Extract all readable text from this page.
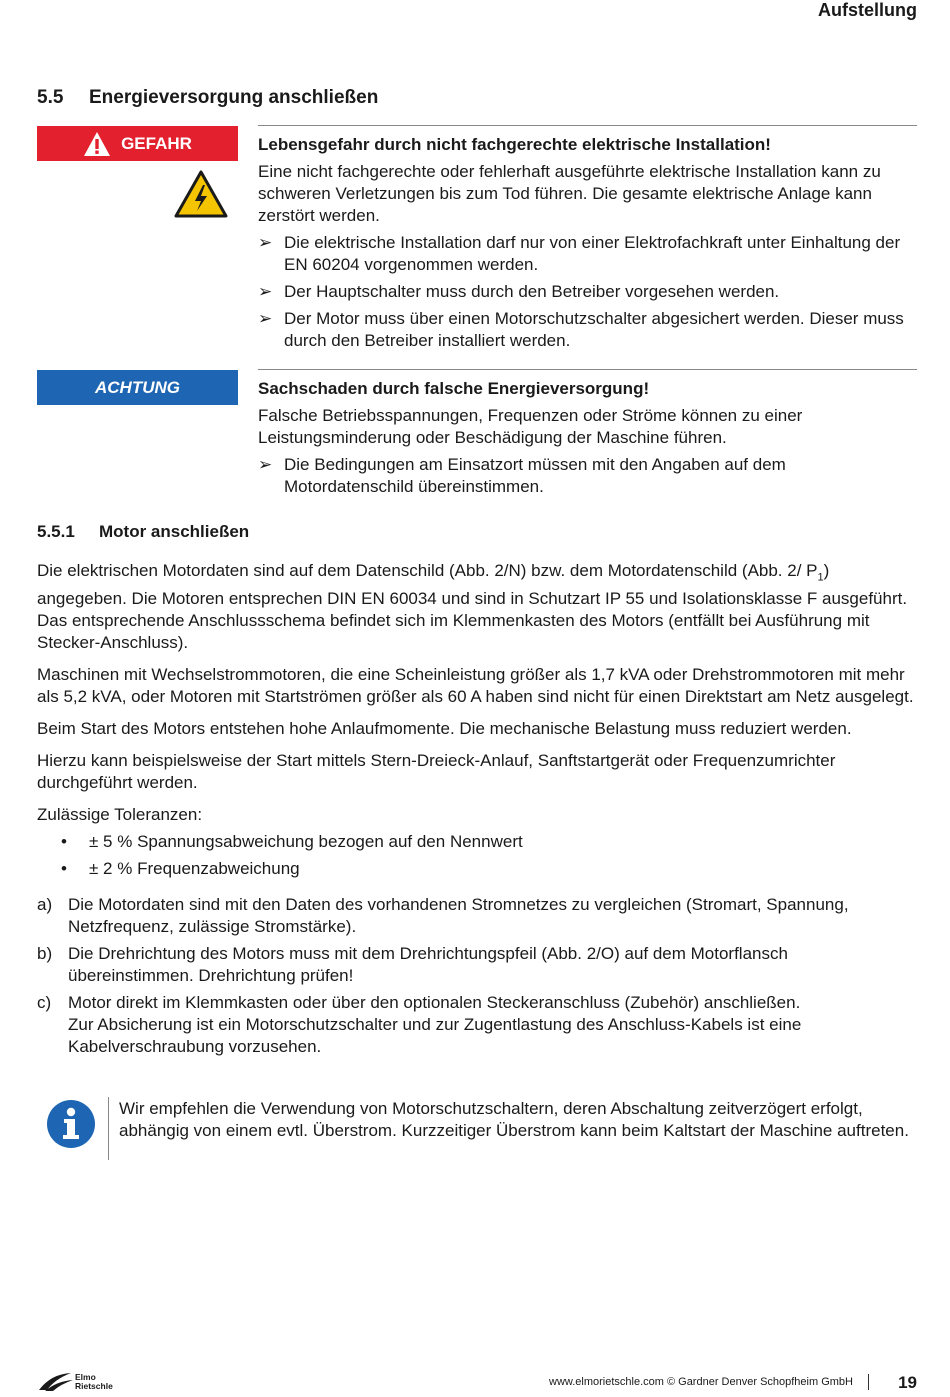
Aufstellung
5.5 Energieversorgung anschließen
GEFAHR	Lebensgefahr durch nicht fachgerechte elektrische Installation!
Eine nicht fachgerechte oder fehlerhaft ausgeführte elektrische Installation kann zu schweren Verletzungen bis zum Tod führen. Die gesamte elektrische Anlage kann zerstört werden.
➢ Die elektrische Installation darf nur von einer Elektrofachkraft unter Einhaltung der EN 60204 vorgenommen werden.
➢ Der Hauptschalter muss durch den Betreiber vorgesehen werden.
➢ Der Motor muss über einen Motorschutzschalter abgesichert werden. Dieser muss durch den Betreiber installiert werden.
ACHTUNG	Sachschaden durch falsche Energieversorgung!
Falsche Betriebsspannungen, Frequenzen oder Ströme können zu einer Leistungsminderung oder Beschädigung der Maschine führen.
➢ Die Bedingungen am Einsatzort müssen mit den Angaben auf dem Motordatenschild übereinstimmen.
5.5.1 Motor anschließen

Die elektrischen Motordaten sind auf dem Datenschild (Abb. 2/N) bzw. dem Motordatenschild (Abb. 2/ $P_1$) angegeben. Die Motoren entsprechen DIN EN 60034 und sind in Schutzart IP 55 und Isolationsklasse F ausgeführt. Das entsprechende Anschlussschema befindet sich im Klemmenkasten des Motors (entfällt bei Ausführung mit Stecker-Anschluss).

Maschinen mit Wechselstrommotoren, die eine Scheinleistung größer als 1,7 kVA oder Drehstrommotoren mit mehr als 5,2 kVA, oder Motoren mit Startströmen größer als 60 A haben sind nicht für einen Direktstart am Netz ausgelegt.

Beim Start des Motors entstehen hohe Anlaufmomente. Die mechanische Belastung muss reduziert werden.

Hierzu kann beispielsweise der Start mittels Stern-Dreieck-Anlauf, Sanftstartgerät oder Frequenzumrichter durchgeführt werden.

Zulässige Toleranzen:

• ± 5 % Spannungsabweichung bezogen auf den Nennwert
• ± 2 % Frequenzabweichung
a) Die Motordaten sind mit den Daten des vorhandenen Stromnetzes zu vergleichen (Stromart, Spannung, Netzfrequenz, zulässige Stromstärke).
b) Die Drehrichtung des Motors muss mit dem Drehrichtungspfeil (Abb. 2/O) auf dem Motorflansch übereinstimmen. Drehrichtung prüfen!
c) Motor direkt im Klemmkasten oder über den optionalen Steckeranschluss (Zubehör) anschließen.
Zur Absicherung ist ein Motorschutzschalter und zur Zugentlastung des Anschluss-Kabels ist eine Kabelverschraubung vorzusehen.
Wir empfehlen die Verwendung von Motorschutzschaltern, deren Abschaltung zeitverzögert erfolgt, abhängig von einem evtl. Überstrom. Kurzzeitiger Überstrom kann beim Kaltstart der Maschine auftreten.
Elmo
Rietschle	www.elmorietschle.com © Gardner Denver Schopfheim GmbH	19
